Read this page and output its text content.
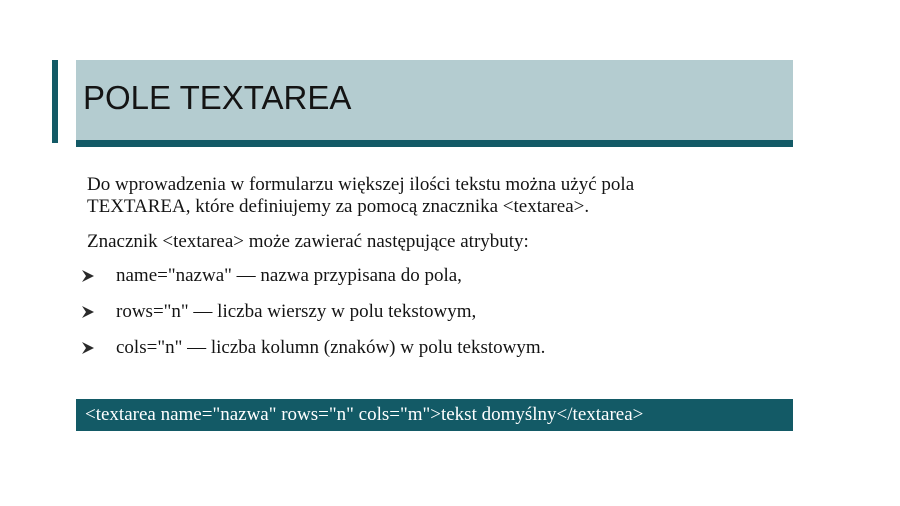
POLE TEXTAREA
Do wprowadzenia w formularzu większej ilości tekstu można użyć pola
TEXTAREA, które definiujemy za pomocą znacznika <textarea>.
Znacznik <textarea> może zawierać następujące atrybuty:
name="nazwa" — nazwa przypisana do pola,
rows="n" — liczba wierszy w polu tekstowym,
cols="n" — liczba kolumn (znaków) w polu tekstowym.
<textarea name="nazwa" rows="n" cols="m">tekst domyślny</textarea>
